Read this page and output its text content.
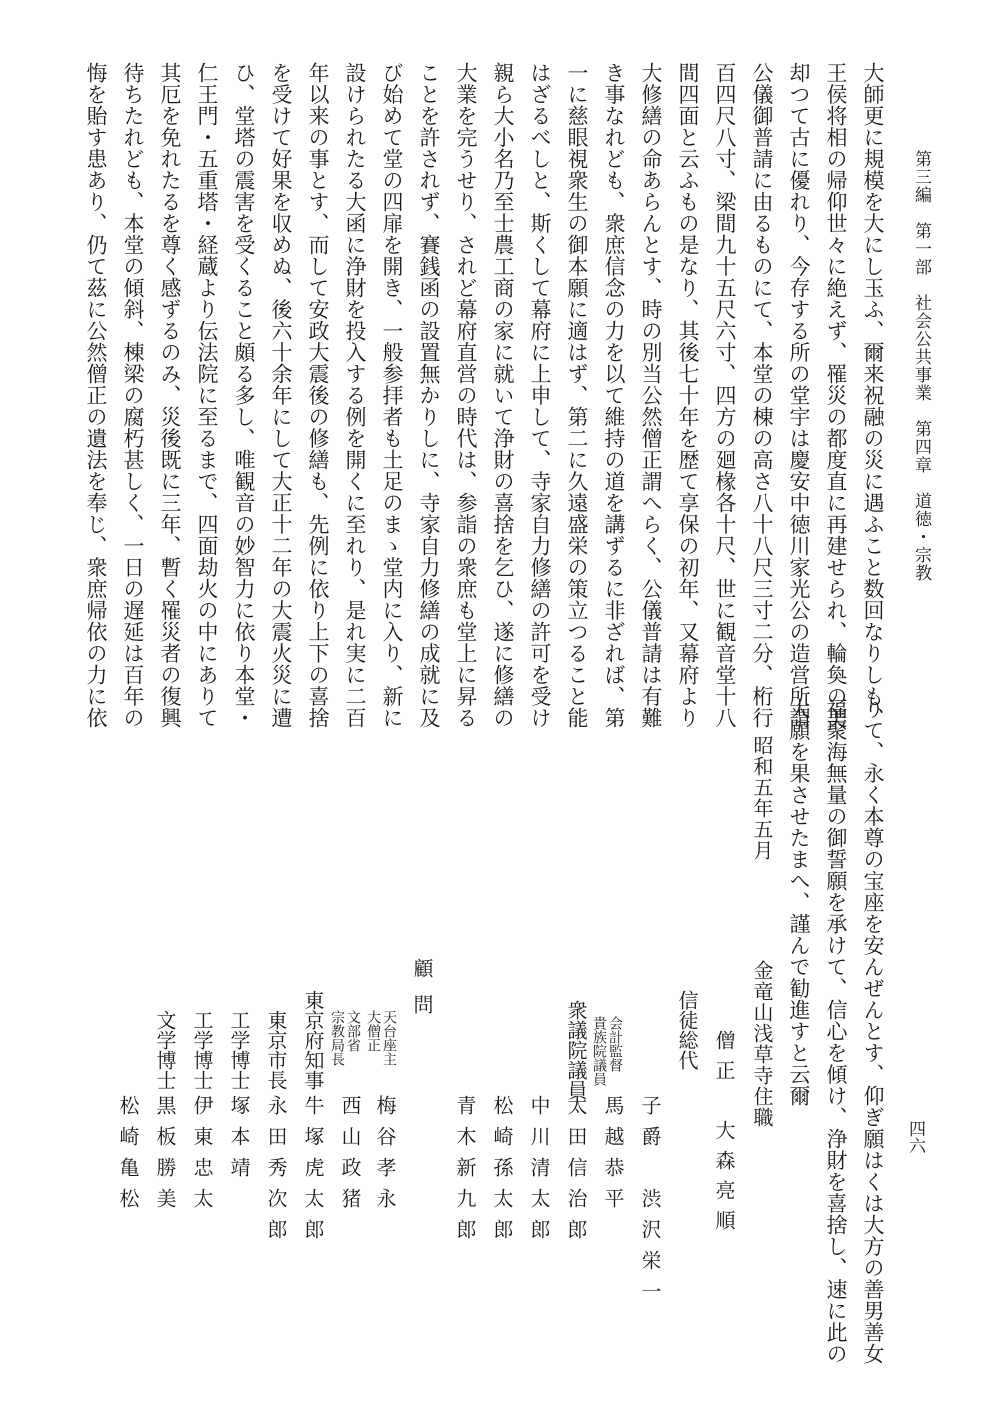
第三編　第一部　社会公共事業　第四章　道徳・宗教
四六
大師更に規模を大にし玉ふ、爾来祝融の災に遇ふこと数回なりしも、
王侯将相の帰仰世々に絶えず、罹災の都度直に再建せられ、輪奐の美
却つて古に優れり、今存する所の堂宇は慶安中徳川家光公の造営所謂
公儀御普請に由るものにて、本堂の棟の高さ八十八尺三寸二分、桁行
百四尺八寸、梁間九十五尺六寸、四方の廻椽各十尺、世に観音堂十八
間四面と云ふもの是なり、其後七十年を歴て享保の初年、又幕府より
大修繕の命あらんとす、時の別当公然僧正謂へらく、公儀普請は有難
き事なれども、衆庶信念の力を以て維持の道を講ずるに非ざれば、第
一に慈眼視衆生の御本願に適はず、第二に久遠盛栄の策立つること能
はざるべしと、斯くして幕府に上申して、寺家自力修繕の許可を受け
親ら大小名乃至士農工商の家に就いて浄財の喜捨を乞ひ、遂に修繕の
大業を完うせり、されど幕府直営の時代は、参詣の衆庶も堂上に昇る
ことを許されず、賽銭函の設置無かりしに、寺家自力修繕の成就に及
び始めて堂の四扉を開き、一般参拝者も土足のまゝ堂内に入り、新に
設けられたる大函に浄財を投入する例を開くに至れり、是れ実に二百
年以来の事とす、而して安政大震後の修繕も、先例に依り上下の喜捨
を受けて好果を収めぬ、後六十余年にして大正十二年の大震火災に遭
ひ、堂塔の震害を受くること頗る多し、唯観音の妙智力に依り本堂・
仁王門・五重塔・経蔵より伝法院に至るまで、四面劫火の中にありて
其厄を免れたるを尊く感ずるのみ、災後既に三年、暫く罹災者の復興
待ちたれども、本堂の傾斜、棟梁の腐朽甚しく、一日の遅延は百年の
悔を貽す患あり、仍て茲に公然僧正の遺法を奉じ、衆庶帰依の力に依
りて、永く本尊の宝座を安んぜんとす、仰ぎ願はくは大方の善男善女
福聚海無量の御誓願を承けて、信心を傾け、浄財を喜捨し、速に此の
大願を果させたまへ、謹んで勧進すと云爾
昭和五年五月
金竜山浅草寺住職
僧正　大森亮順
信徒総代
子爵　渋沢栄一
会計監督
貴族院議員
馬越恭平
衆議院議員
太田信治郎
中川清太郎
松崎孫太郎
青木新九郎
顧問
天台座主
大僧正
梅谷孝永
文部省
宗教局長
西山政猪
東京府知事
牛塚虎太郎
東京市長
永田秀次郎
工学博士
塚本靖
工学博士
伊東忠太
文学博士
黒板勝美
松崎亀松
